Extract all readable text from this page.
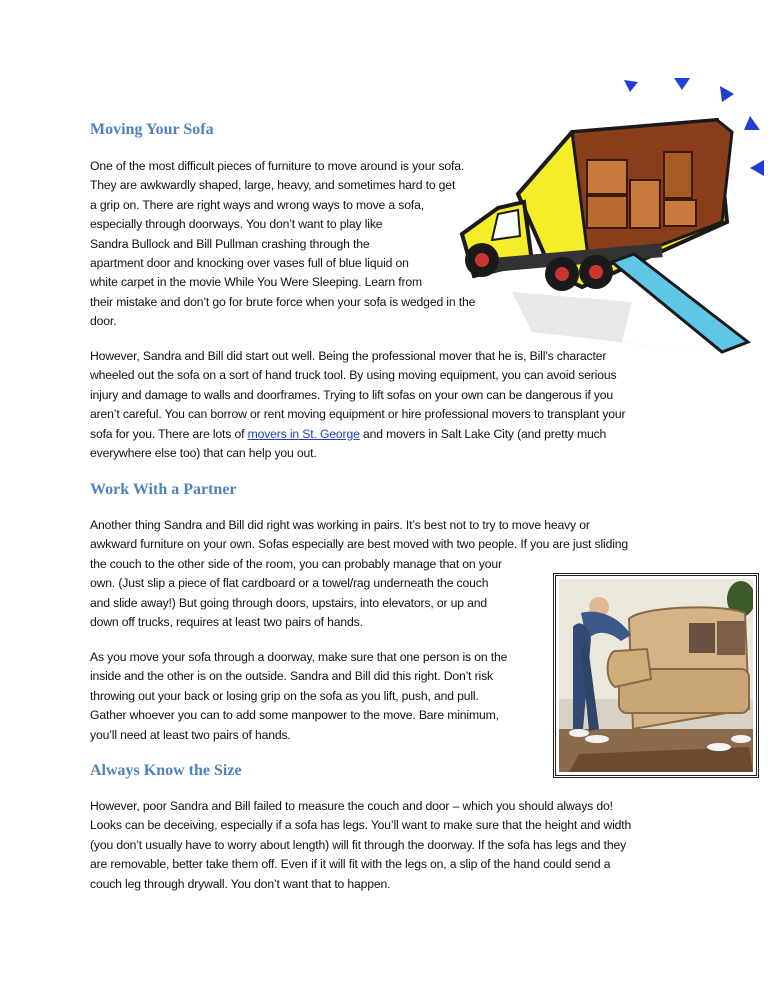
Moving Your Sofa
One of the most difficult pieces of furniture to move around is your sofa.
They are awkwardly shaped, large, heavy, and sometimes hard to get
a grip on. There are right ways and wrong ways to move a sofa,
especially through doorways. You don’t want to play like
Sandra Bullock and Bill Pullman crashing through the
apartment door and knocking over vases full of blue liquid on
white carpet in the movie While You Were Sleeping. Learn from
their mistake and don’t go for brute force when your sofa is wedged in the
door.
However, Sandra and Bill did start out well. Being the professional mover that he is, Bill’s character
wheeled out the sofa on a sort of hand truck tool. By using moving equipment, you can avoid serious
injury and damage to walls and doorframes. Trying to lift sofas on your own can be dangerous if you
aren’t careful. You can borrow or rent moving equipment or hire professional movers to transplant your
sofa for you. There are lots of movers in St. George and movers in Salt Lake City (and pretty much
everywhere else too) that can help you out.
Work With a Partner
Another thing Sandra and Bill did right was working in pairs. It’s best not to try to move heavy or
awkward furniture on your own. Sofas especially are best moved with two people. If you are just sliding
the couch to the other side of the room, you can probably manage that on your
own. (Just slip a piece of flat cardboard or a towel/rag underneath the couch
and slide away!) But going through doors, upstairs, into elevators, or up and
down off trucks, requires at least two pairs of hands.
As you move your sofa through a doorway, make sure that one person is on the
inside and the other is on the outside. Sandra and Bill did this right. Don’t risk
throwing out your back or losing grip on the sofa as you lift, push, and pull.
Gather whoever you can to add some manpower to the move. Bare minimum,
you’ll need at least two pairs of hands.
Always Know the Size
However, poor Sandra and Bill failed to measure the couch and door – which you should always do!
Looks can be deceiving, especially if a sofa has legs. You’ll want to make sure that the height and width
(you don’t usually have to worry about length) will fit through the doorway. If the sofa has legs and they
are removable, better take them off. Even if it will fit with the legs on, a slip of the hand could send a
couch leg through drywall. You don’t want that to happen.
